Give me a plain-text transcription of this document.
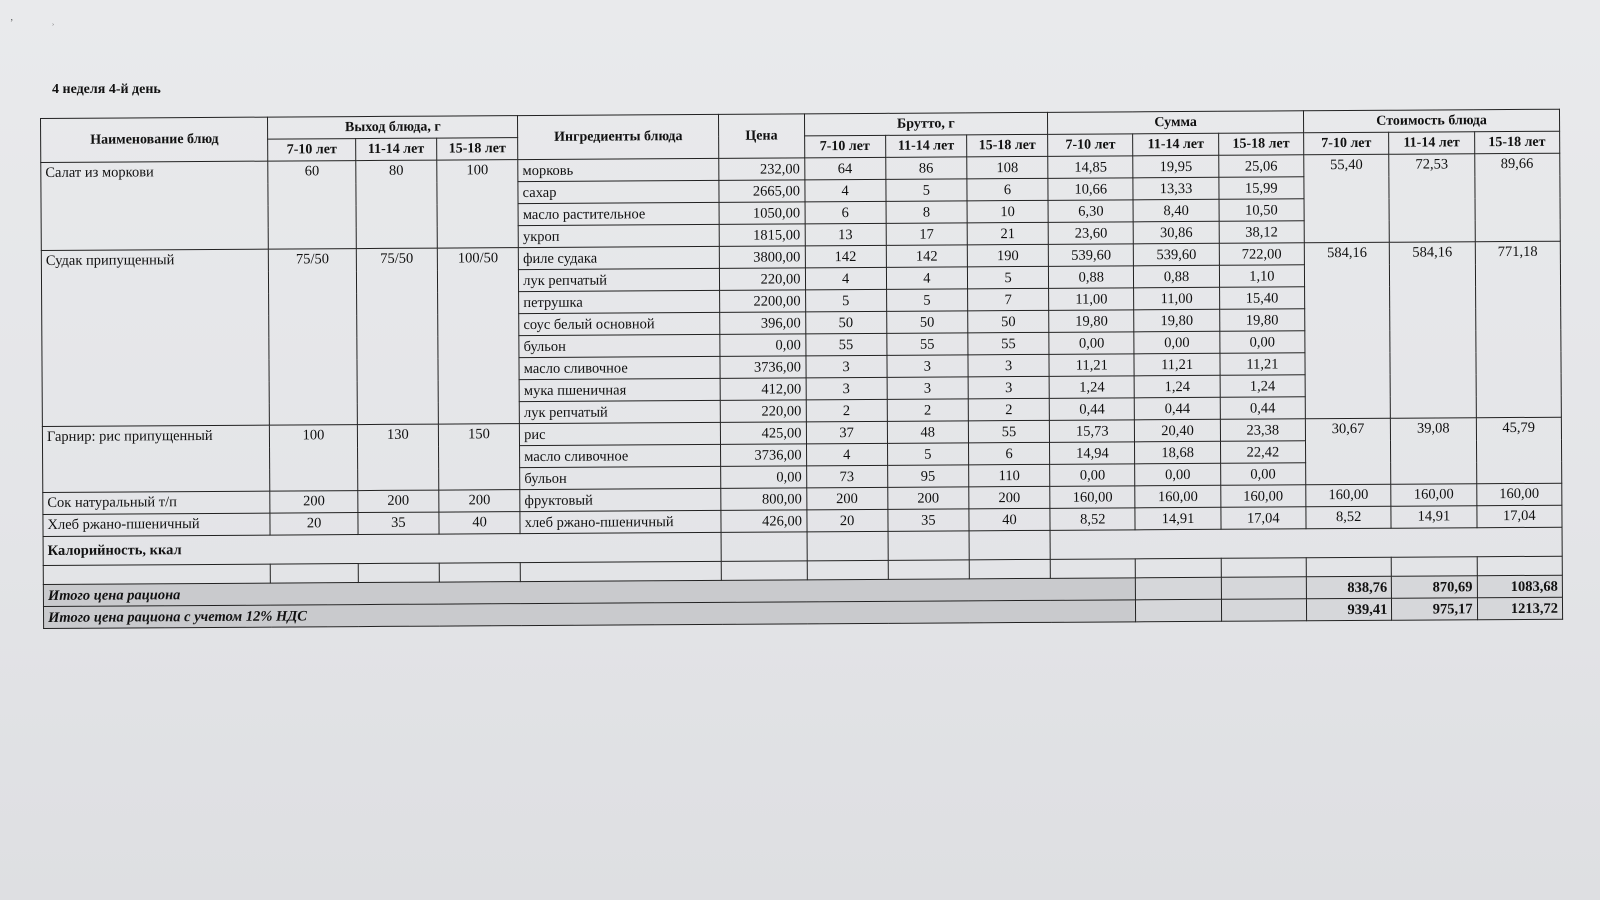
ʼ	˒
4 неделя 4-й день
Наименование блюд	Выход блюда, г			Ингредиенты блюда	Цена	Брутто, г			Сумма			Стоимость блюда		
	7-10 лет	11-14 лет	15-18 лет			7-10 лет	11-14 лет	15-18 лет	7-10 лет	11-14 лет	15-18 лет	7-10 лет	11-14 лет	15-18 лет
Салат из моркови	60	80	100	морковь	232,00	64	86	108	14,85	19,95	25,06	55,40	72,53	89,66
				сахар	2665,00	4	5	6	10,66	13,33	15,99			
				масло растительное	1050,00	6	8	10	6,30	8,40	10,50			
				укроп	1815,00	13	17	21	23,60	30,86	38,12			
Судак припущенный	75/50	75/50	100/50	филе судака	3800,00	142	142	190	539,60	539,60	722,00	584,16	584,16	771,18
				лук репчатый	220,00	4	4	5	0,88	0,88	1,10			
				петрушка	2200,00	5	5	7	11,00	11,00	15,40			
				соус белый основной	396,00	50	50	50	19,80	19,80	19,80			
				бульон	0,00	55	55	55	0,00	0,00	0,00			
				масло сливочное	3736,00	3	3	3	11,21	11,21	11,21			
				мука пшеничная	412,00	3	3	3	1,24	1,24	1,24			
				лук репчатый	220,00	2	2	2	0,44	0,44	0,44			
Гарнир: рис припущенный	100	130	150	рис	425,00	37	48	55	15,73	20,40	23,38	30,67	39,08	45,79
				масло сливочное	3736,00	4	5	6	14,94	18,68	22,42			
				бульон	0,00	73	95	110	0,00	0,00	0,00			
Сок натуральный т/п	200	200	200	фруктовый	800,00	200	200	200	160,00	160,00	160,00	160,00	160,00	160,00
Хлеб ржано-пшеничный	20	35	40	хлеб ржано-пшеничный	426,00	20	35	40	8,52	14,91	17,04	8,52	14,91	17,04
Калорийность, ккал														

Итого цена рациона												838,76	870,69	1083,68
Итого цена рациона с учетом 12% НДС												939,41	975,17	1213,72
